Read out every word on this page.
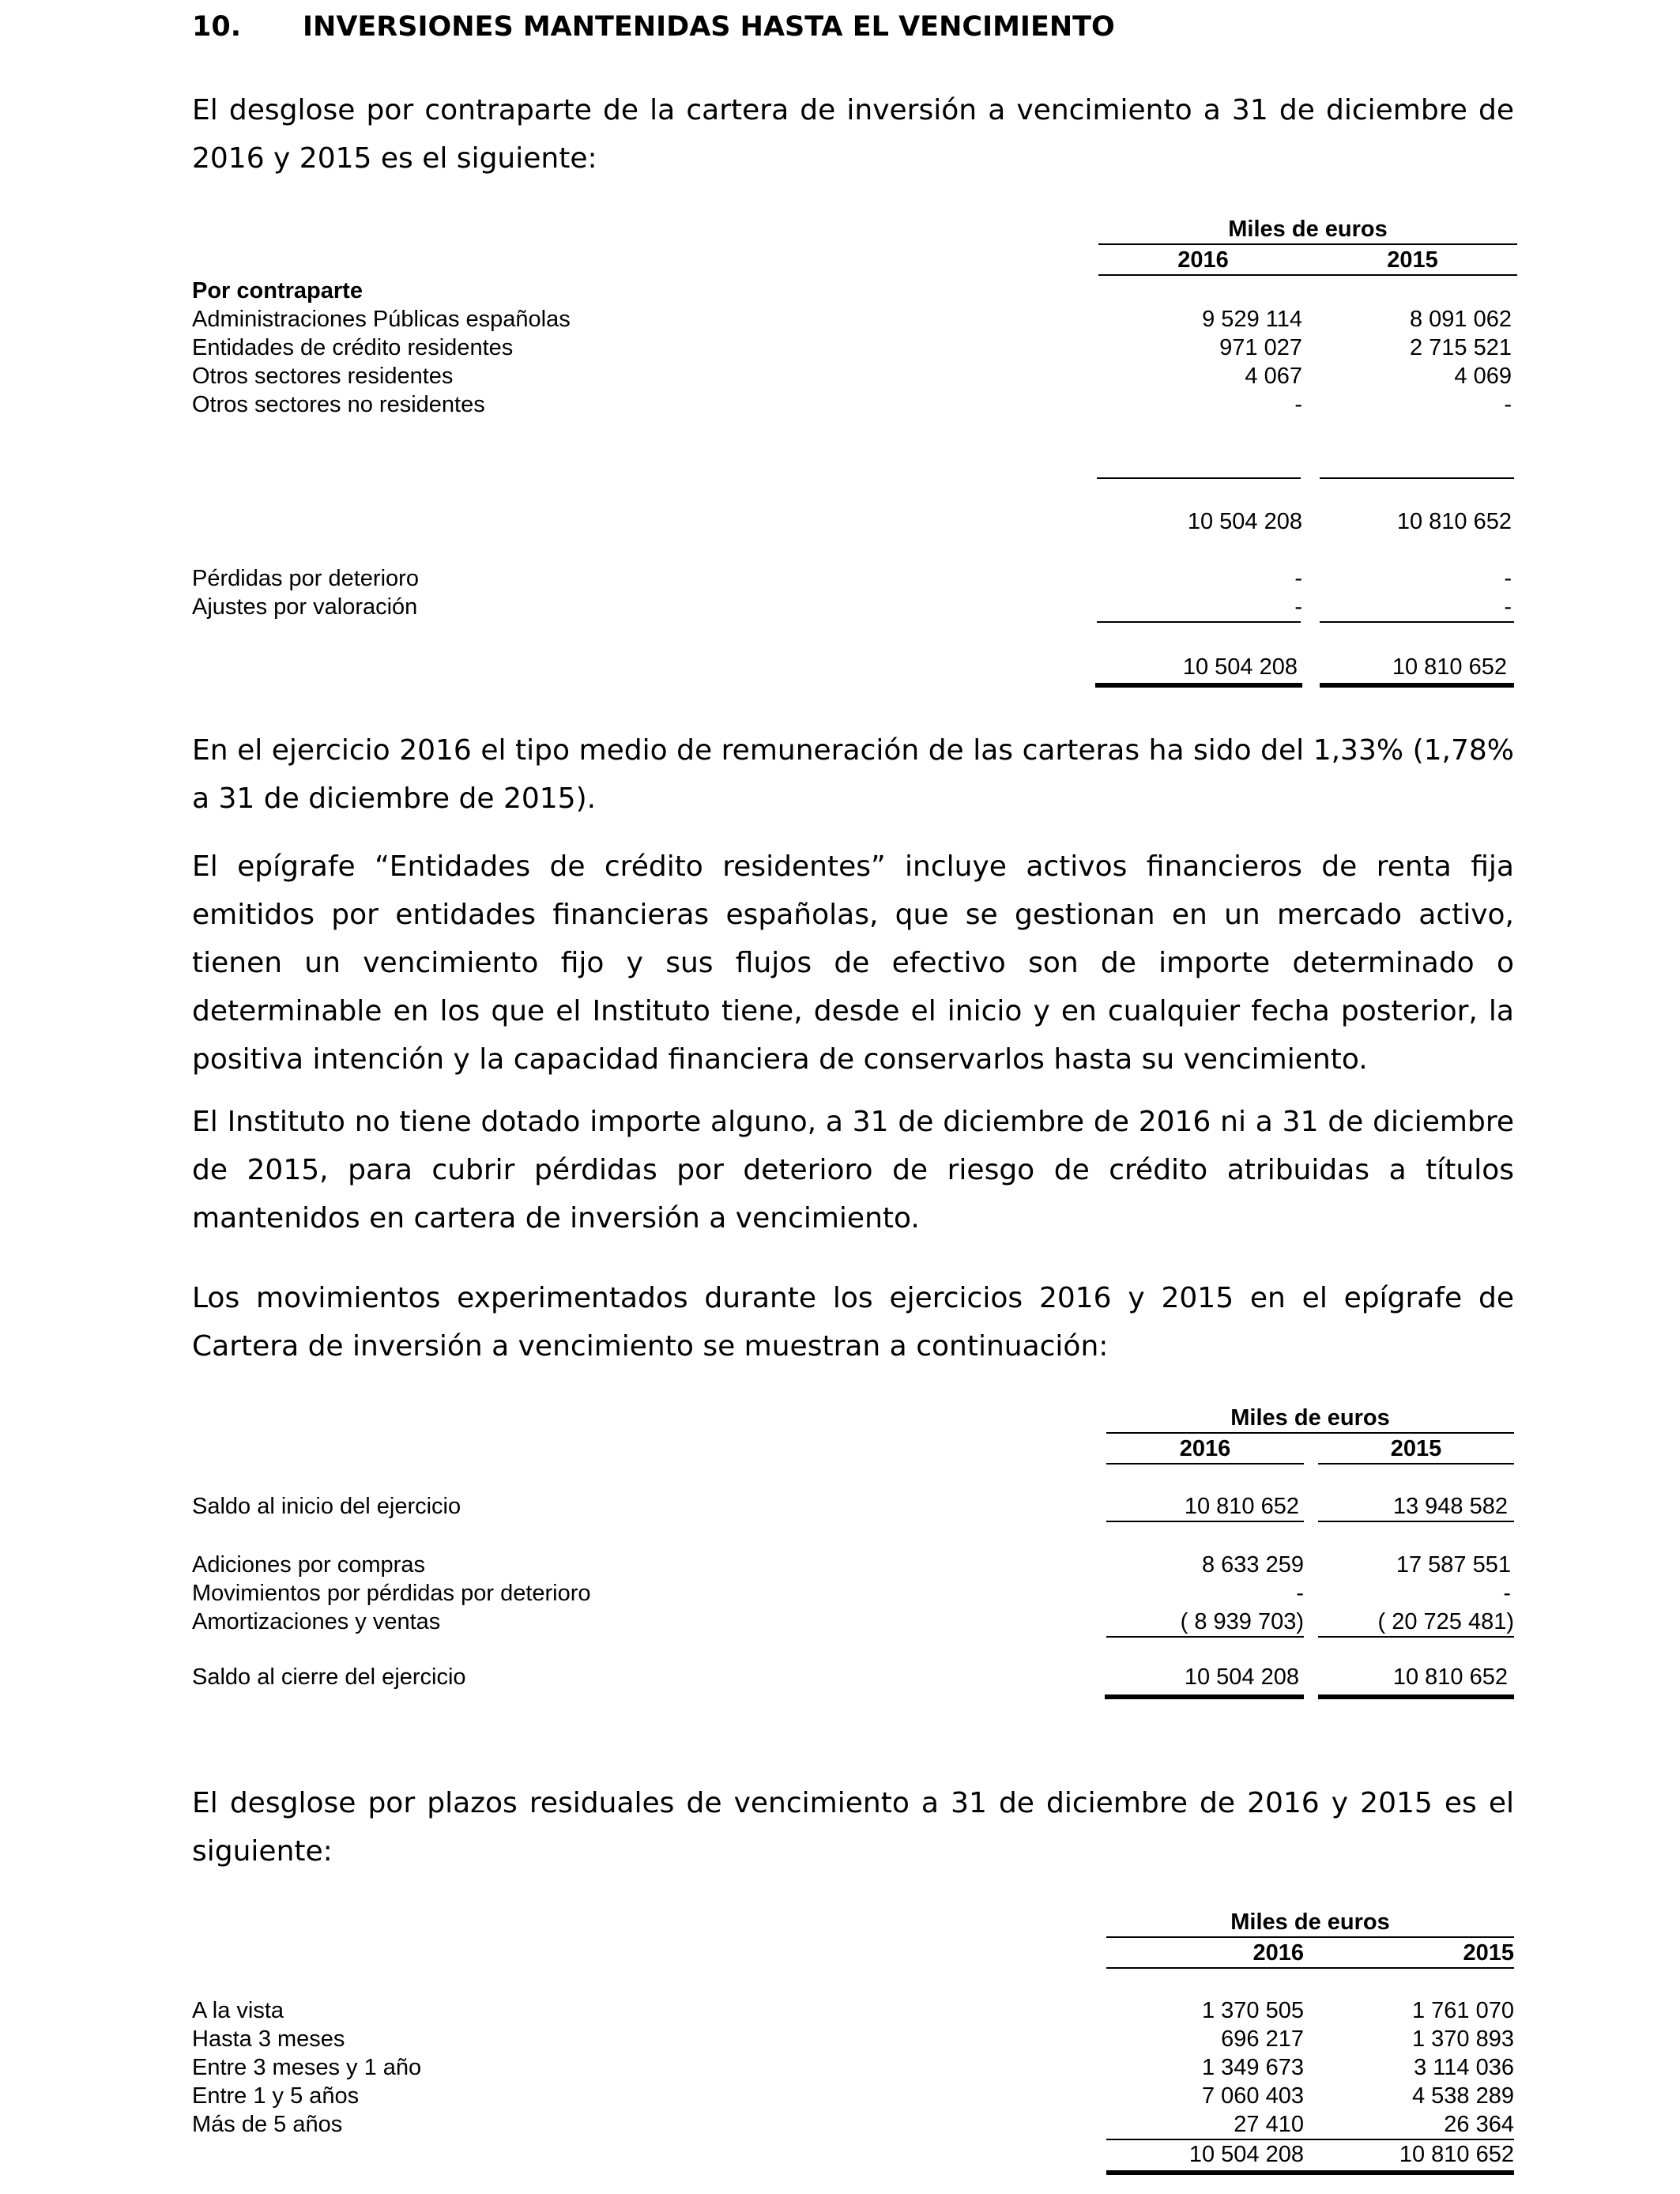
10. INVERSIONES MANTENIDAS HASTA EL VENCIMIENTO

El desglose por contraparte de la cartera de inversión a vencimiento a 31 de diciembre de 2016 y 2015 es el siguiente:

Miles de euros
2016	2015
Por contraparte
Administraciones Públicas españolas	9 529 114	8 091 062
Entidades de crédito residentes	971 027	2 715 521
Otros sectores residentes	4 067	4 069
Otros sectores no residentes	-	-
10 504 208	10 810 652
Pérdidas por deterioro	-	-
Ajustes por valoración	-	-
10 504 208	10 810 652

En el ejercicio 2016 el tipo medio de remuneración de las carteras ha sido del 1,33% (1,78% a 31 de diciembre de 2015).

El epígrafe “Entidades de crédito residentes” incluye activos financieros de renta fija emitidos por entidades financieras españolas, que se gestionan en un mercado activo, tienen un vencimiento fijo y sus flujos de efectivo son de importe determinado o determinable en los que el Instituto tiene, desde el inicio y en cualquier fecha posterior, la positiva intención y la capacidad financiera de conservarlos hasta su vencimiento.

El Instituto no tiene dotado importe alguno, a 31 de diciembre de 2016 ni a 31 de diciembre de 2015, para cubrir pérdidas por deterioro de riesgo de crédito atribuidas a títulos mantenidos en cartera de inversión a vencimiento.

Los movimientos experimentados durante los ejercicios 2016 y 2015 en el epígrafe de Cartera de inversión a vencimiento se muestran a continuación:

Miles de euros
2016	2015
Saldo al inicio del ejercicio	10 810 652	13 948 582
Adiciones por compras	8 633 259	17 587 551
Movimientos por pérdidas por deterioro	-	-
Amortizaciones y ventas	( 8 939 703)	( 20 725 481)
Saldo al cierre del ejercicio	10 504 208	10 810 652

El desglose por plazos residuales de vencimiento a 31 de diciembre de 2016 y 2015 es el siguiente:

Miles de euros
2016	2015
A la vista	1 370 505	1 761 070
Hasta 3 meses	696 217	1 370 893
Entre 3 meses y 1 año	1 349 673	3 114 036
Entre 1 y 5 años	7 060 403	4 538 289
Más de 5 años	27 410	26 364
10 504 208	10 810 652
